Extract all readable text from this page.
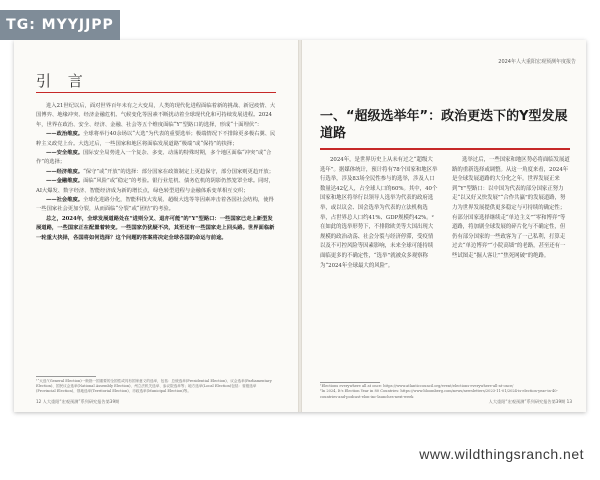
TG: MYYJJPP
引 言

进入21世纪以后，面对世界百年未有之大变局，人类的现代化进程面临着新的挑战、新冠疫情、大国博弈、地缘冲突、经济金融危机、气候变化等因素不断扰动着全球现代化和可持续发展进程。2024年，世界在政治、安全、经济、金融、社会等五个维度面临“Y”型路口的选择，形成“十面埋伏”：

——政治维度。全球将举行40余场以“大选”为代表的重要选举；极端情况下不排除更多极右翼、民粹主义政党上台。大选过后，一些国家和地区将面临发展道路“极端”或“保持”的抉择；

——安全维度。国际安全局势进入一个复杂、多变、动荡的特殊时期，多个地区面临“冲突”或“合作”的选择；

——经济维度。“保守”或“开放”的选择：部分国家在政策制定上更趋保守，部分国家则更趋开放；

——金融维度。面临“风险”或“稳定”的考验。银行业危机、债务危机的阴影仍然笼罩全球。同时，AI大爆发、数字经济、智能经济成为新的增长点，绿色转型进程与金融体系变革相互交织；

——社会维度。全球化进路分化，智能科技大发展、超级大选等等因素冲击着各国社会结构，使得一些国家社会更加分裂，从而面临“分裂”或“团结”的考验。

总之，2024年，全球发展道路处在“进则分叉、退亦可能”的“Y”型路口：一些国家已走上新型发展道路，一些国家正在配置着转变。一些国家仍犹疑不决，其至还有一些国家走上回头路。世界面临新一轮重大抉择，各国将如何选择？这个问题的答案将决定全球各国的命运与前途。

¹“大选”(General Election)一般指一国重要的全国性或具有国家意义的选举，包括：总统选举(Presidential Election)、议会选举(Parliamentary Election)、国民议会选举(National Assembly Election)、州立法机关选举、参议院选举等；地方选举(Local Election)包括：省级选举(Provincial Election)、领地选举(Territorial Election)、市政选举(Municipal Election)等。
12 人大重阳“宏观预测”系列研究报告第39期
2024年人大重阳宏观预测年度报告
一、“超级选举年”：政治更迭下的Y型发展道路

2024年，是世界历史上从未有过之“超级大选年”。据媒体统计，预计将有78个国家和地区举行选举，涉及83场全民性参与的选举，涉及人口数量达42亿人，占全球人口的60%。其中，40个国家和地区将举行以领导人选举为代表的政府选举，或以议会、国会选举为代表的立法机构选举，占世界总人口约41%、GDP规模约42%。²在如此的选举形势下，不排除欧美等大国出现大规模的政治动荡、社会分裂与经济停滞，受疫情以及不可控风险等因素影响，未来全球可能持续面临更多的不确定性，“选举”就被众多观察称为“2024年全球最大的风险”。

选举过后，一些国家和地区势必将面临发展道路的重新选择或调整。从这一角度来看，2024年是全球发展道路的大分化之年。世界发展正来到“Y”型路口：以中国为代表的部分国家正努力走“以又好又快发展”“合作共赢”的发展道路，努力为世界发展提供更多稳定与可持续的确定性；有部分国家选择继续走“单边主义”“零和博弈”等道路，将加剧全球发展的碎片化与不确定性，但仍有部分国家的一些政客为了一己私利，打算走过去“单边博弈”“小院高墙”的老路，甚至还有一些试图走“掘人客让”“焦死网破”的绝路。

¹Elections everywhere all at once: https://www.atlanticcouncil.org/event/elections-everywhere-all-at-once/
²In 2024, It's Election Year in 80 Countries: https://www.bloomberg.com/news/newsletters/2023-11-01/2024-is-election-year-in-40-countries-and-podcast-elon-inc-launches-next-week
人大重阳“宏观预测”系列研究报告第39期 13
www.wildthingsranch.net
